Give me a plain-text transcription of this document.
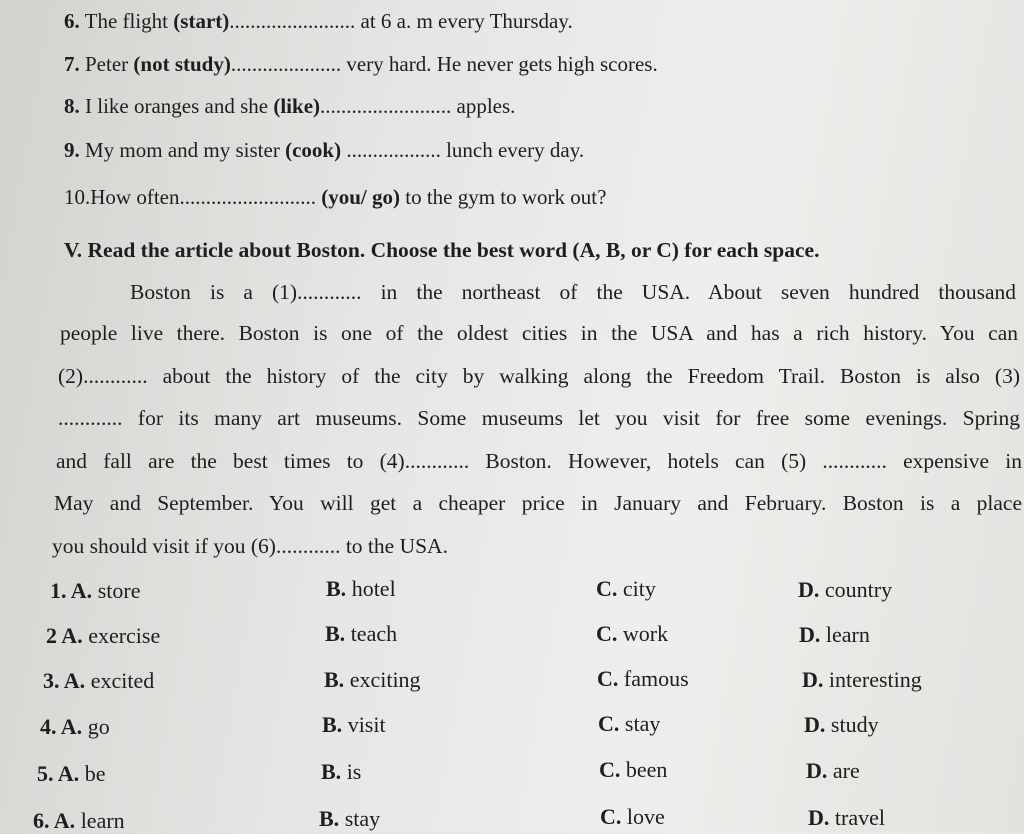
6. The flight (start)........................ at 6 a. m every Thursday.
7. Peter (not study)..................... very hard. He never gets high scores.
8. I like oranges and she (like)......................... apples.
9. My mom and my sister (cook) .................. lunch every day.
10.How often.......................... (you/ go) to the gym to work out?
V. Read the article about Boston. Choose the best word (A, B, or C) for each space.
Boston is a (1)............ in the northeast of the USA. About seven hundred thousand
people live there. Boston is one of the oldest cities in the USA and has a rich history. You can
(2)............ about the history of the city by walking along the Freedom Trail. Boston is also (3)
............ for its many art museums. Some museums let you visit for free some evenings. Spring
and fall are the best times to (4)............ Boston. However, hotels can (5) ............ expensive in
May and September. You will get a cheaper price in January and February. Boston is a place
you should visit if you (6)............ to the USA.
1. A. store	B. hotel	C. city	D. country
2 A. exercise	B. teach	C. work	D. learn
3. A. excited	B. exciting	C. famous	D. interesting
4. A. go	B. visit	C. stay	D. study
5. A. be	B. is	C. been	D. are
6. A. learn	B. stay	C. love	D. travel
